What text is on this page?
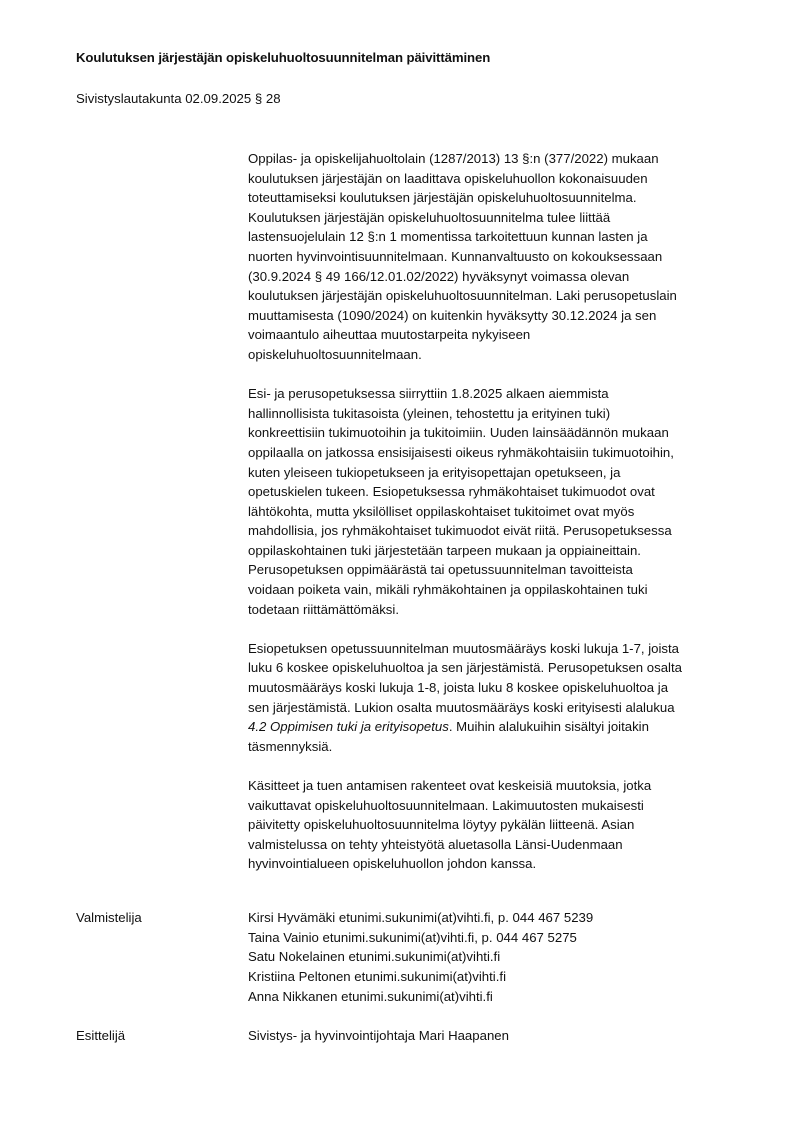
Koulutuksen järjestäjän opiskeluhuoltosuunnitelman päivittäminen
Sivistyslautakunta 02.09.2025 § 28

Oppilas- ja opiskelijahuoltolain (1287/2013) 13 §:n (377/2022) mukaan
koulutuksen järjestäjän on laadittava opiskeluhuollon kokonaisuuden
toteuttamiseksi koulutuksen järjestäjän opiskeluhuoltosuunnitelma.
Koulutuksen järjestäjän opiskeluhuoltosuunnitelma tulee liittää
lastensuojelulain 12 §:n 1 momentissa tarkoitettuun kunnan lasten ja
nuorten hyvinvointisuunnitelmaan. Kunnanvaltuusto on kokouksessaan
(30.9.2024 § 49 166/12.01.02/2022) hyväksynyt voimassa olevan
koulutuksen järjestäjän opiskeluhuoltosuunnitelman. Laki perusopetuslain
muuttamisesta (1090/2024) on kuitenkin hyväksytty 30.12.2024 ja sen
voimaantulo aiheuttaa muutostarpeita nykyiseen
opiskeluhuoltosuunnitelmaan.

Esi- ja perusopetuksessa siirryttiin 1.8.2025 alkaen aiemmista
hallinnollisista tukitasoista (yleinen, tehostettu ja erityinen tuki)
konkreettisiin tukimuotoihin ja tukitoimiin. Uuden lainsäädännön mukaan
oppilaalla on jatkossa ensisijaisesti oikeus ryhmäkohtaisiin tukimuotoihin,
kuten yleiseen tukiopetukseen ja erityisopettajan opetukseen, ja
opetuskielen tukeen. Esiopetuksessa ryhmäkohtaiset tukimuodot ovat
lähtökohta, mutta yksilölliset oppilaskohtaiset tukitoimet ovat myös
mahdollisia, jos ryhmäkohtaiset tukimuodot eivät riitä. Perusopetuksessa
oppilaskohtainen tuki järjestetään tarpeen mukaan ja oppiaineittain.
Perusopetuksen oppimäärästä tai opetussuunnitelman tavoitteista
voidaan poiketa vain, mikäli ryhmäkohtainen ja oppilaskohtainen tuki
todetaan riittämättömäksi.

Esiopetuksen opetussuunnitelman muutosmääräys koski lukuja 1-7, joista
luku 6 koskee opiskeluhuoltoa ja sen järjestämistä. Perusopetuksen osalta
muutosmääräys koski lukuja 1-8, joista luku 8 koskee opiskeluhuoltoa ja
sen järjestämistä. Lukion osalta muutosmääräys koski erityisesti alalukua
4.2 Oppimisen tuki ja erityisopetus. Muihin alalukuihin sisältyi joitakin
täsmennyksiä.

Käsitteet ja tuen antamisen rakenteet ovat keskeisiä muutoksia, jotka
vaikuttavat opiskeluhuoltosuunnitelmaan. Lakimuutosten mukaisesti
päivitetty opiskeluhuoltosuunnitelma löytyy pykälän liitteenä. Asian
valmistelussa on tehty yhteistyötä aluetasolla Länsi-Uudenmaan
hyvinvointialueen opiskeluhuollon johdon kanssa.

Valmistelija	Kirsi Hyvämäki etunimi.sukunimi(at)vihti.fi, p. 044 467 5239
Taina Vainio etunimi.sukunimi(at)vihti.fi, p. 044 467 5275
Satu Nokelainen etunimi.sukunimi(at)vihti.fi
Kristiina Peltonen etunimi.sukunimi(at)vihti.fi
Anna Nikkanen etunimi.sukunimi(at)vihti.fi
Esittelijä	Sivistys- ja hyvinvointijohtaja Mari Haapanen
